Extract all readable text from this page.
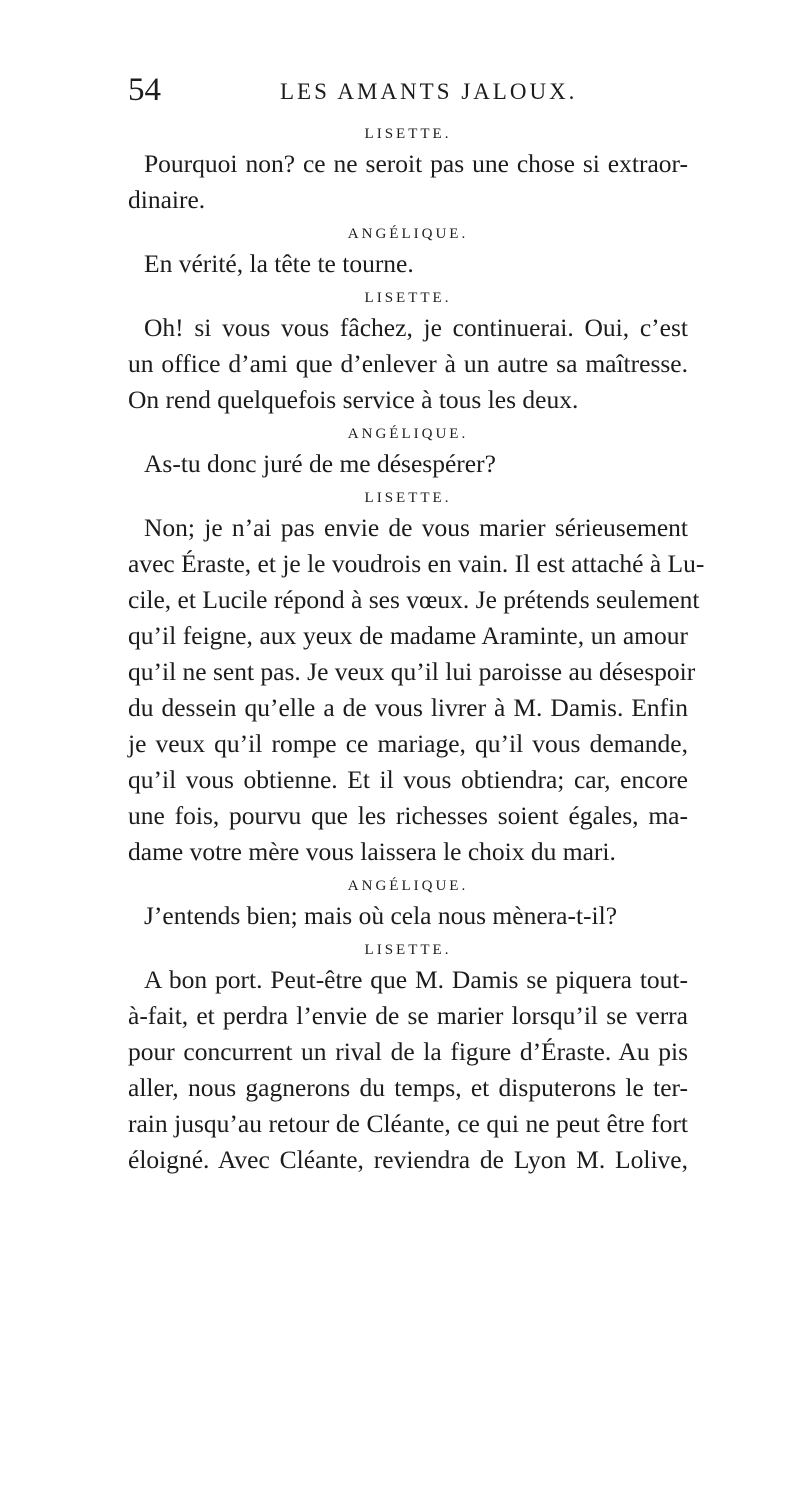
54	LES AMANTS JALOUX.
LISETTE.
Pourquoi non? ce ne seroit pas une chose si extraor-
dinaire.
ANGÉLIQUE.
En vérité, la tête te tourne.
LISETTE.
Oh! si vous vous fâchez, je continuerai. Oui, c’est
un office d’ami que d’enlever à un autre sa maîtresse.
On rend quelquefois service à tous les deux.
ANGÉLIQUE.
As-tu donc juré de me désespérer?
LISETTE.
Non; je n’ai pas envie de vous marier sérieusement
avec Éraste, et je le voudrois en vain. Il est attaché à Lu-
cile, et Lucile répond à ses vœux. Je prétends seulement
qu’il feigne, aux yeux de madame Araminte, un amour
qu’il ne sent pas. Je veux qu’il lui paroisse au désespoir
du dessein qu’elle a de vous livrer à M. Damis. Enfin
je veux qu’il rompe ce mariage, qu’il vous demande,
qu’il vous obtienne. Et il vous obtiendra; car, encore
une fois, pourvu que les richesses soient égales, ma-
dame votre mère vous laissera le choix du mari.
ANGÉLIQUE.
J’entends bien; mais où cela nous mènera-t-il?
LISETTE.
A bon port. Peut-être que M. Damis se piquera tout-
à-fait, et perdra l’envie de se marier lorsqu’il se verra
pour concurrent un rival de la figure d’Éraste. Au pis
aller, nous gagnerons du temps, et disputerons le ter-
rain jusqu’au retour de Cléante, ce qui ne peut être fort
éloigné. Avec Cléante, reviendra de Lyon M. Lolive,
